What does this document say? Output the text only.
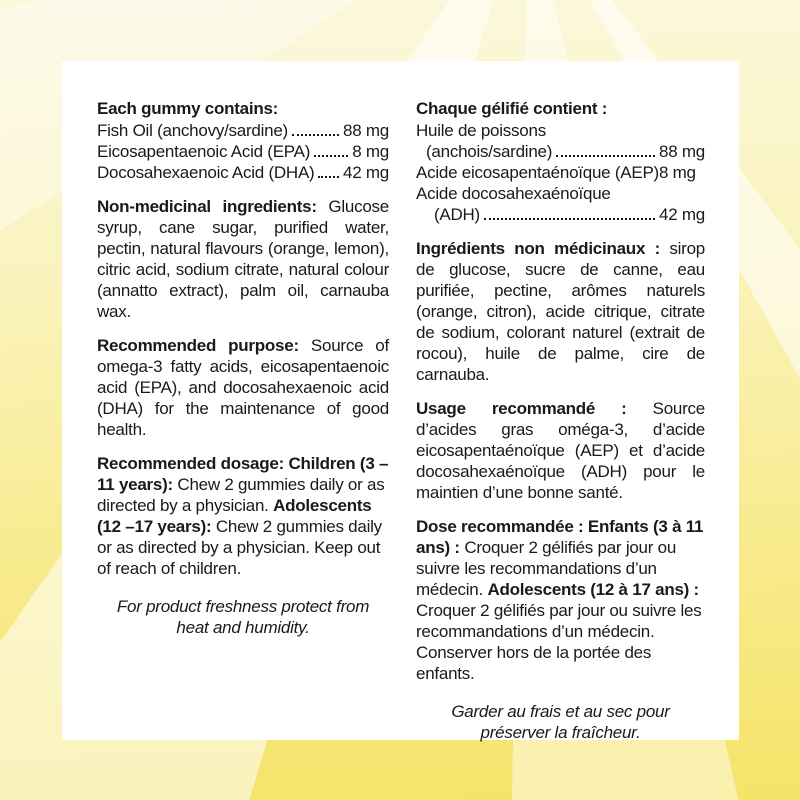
Each gummy contains:
Fish Oil (anchovy/sardine)	88 mg
Eicosapentaenoic Acid (EPA) 8 mg
Docosahexaenoic Acid (DHA) 42 mg

Non-medicinal ingredients: Glucose syrup, cane sugar, purified water, pectin, natural flavours (orange, lemon), citric acid, sodium citrate, natural colour (annatto extract), palm oil, carnauba wax.

Recommended purpose: Source of omega-3 fatty acids, eicosapentaenoic acid (EPA), and docosahexaenoic acid (DHA) for the maintenance of good health.

Recommended dosage: Children (3 –11 years): Chew 2 gummies daily or as directed by a physician. Adolescents (12 –17 years): Chew 2 gummies daily or as directed by a physician. Keep out of reach of children.

For product freshness protect from heat and humidity.

Chaque gélifié contient :
Huile de poissons
(anchois/sardine)	88 mg
Acide eicosapentaénoïque (AEP) 8 mg
Acide docosahexaénoïque
(ADH)	42 mg

Ingrédients non médicinaux : sirop de glucose, sucre de canne, eau purifiée, pectine, arômes naturels (orange, citron), acide citrique, citrate de sodium, colorant naturel (extrait de rocou), huile de palme, cire de carnauba.

Usage recommandé : Source d’acides gras oméga-3, d’acide eicosapentaénoïque (AEP) et d’acide docosahexaénoïque (ADH) pour le maintien d’une bonne santé.

Dose recommandée : Enfants (3 à 11 ans) : Croquer 2 gélifiés par jour ou suivre les recommandations d’un médecin. Adolescents (12 à 17 ans) : Croquer 2 gélifiés par jour ou suivre les recommandations d’un médecin. Conserver hors de la portée des enfants.

Garder au frais et au sec pour préserver la fraîcheur.
